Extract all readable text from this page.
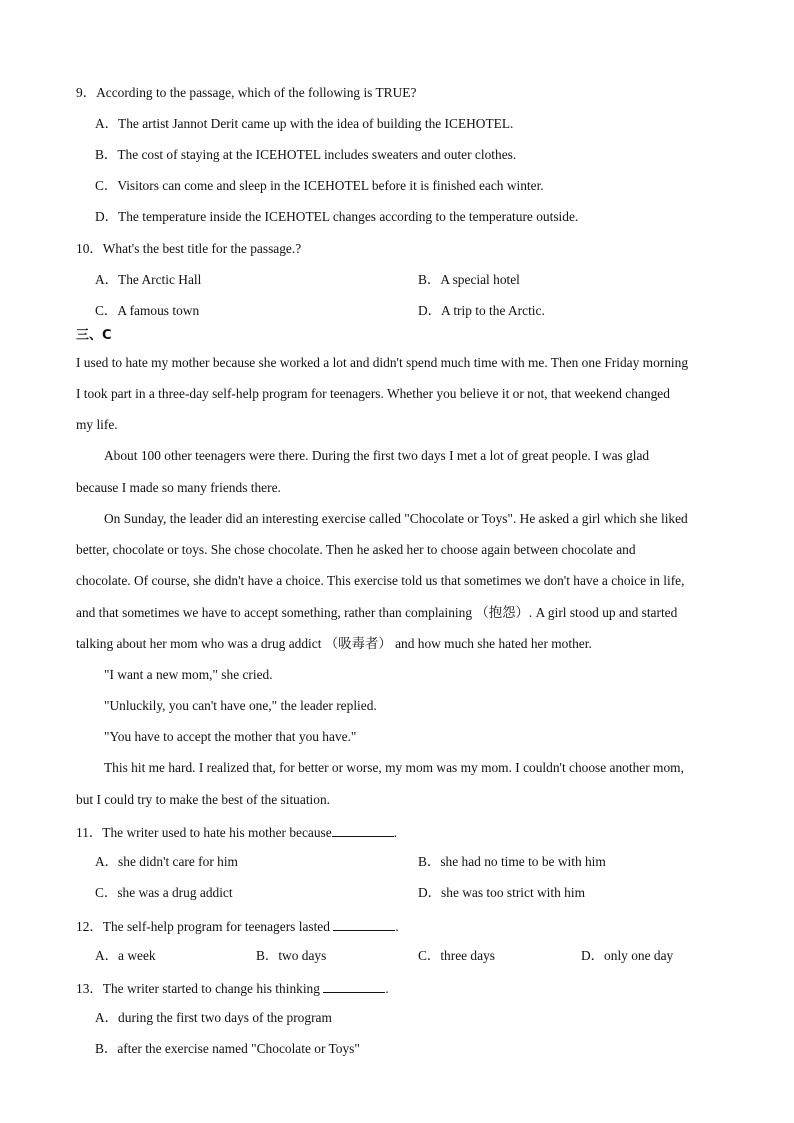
9．According to the passage, which of the following is TRUE?
A．The artist Jannot Derit came up with the idea of building the ICEHOTEL.
B．The cost of staying at the ICEHOTEL includes sweaters and outer clothes.
C．Visitors can come and sleep in the ICEHOTEL before it is finished each winter.
D．The temperature inside the ICEHOTEL changes according to the temperature outside.
10．What's the best title for the passage.?
A．The Arctic Hall	B．A special hotel
C．A famous town	D．A trip to the Arctic.
三、C
I used to hate my mother because she worked a lot and didn't spend much time with me. Then one Friday morning
I took part in a three-day self-help program for teenagers. Whether you believe it or not, that weekend changed
my life.
About 100 other teenagers were there. During the first two days I met a lot of great people. I was glad
because I made so many friends there.
On Sunday, the leader did an interesting exercise called "Chocolate or Toys". He asked a girl which she liked
better, chocolate or toys. She chose chocolate. Then he asked her to choose again between chocolate and
chocolate. Of course, she didn't have a choice. This exercise told us that sometimes we don't have a choice in life,
and that sometimes we have to accept something, rather than complaining （抱怨）. A girl stood up and started
talking about her mom who was a drug addict （吸毒者） and how much she hated her mother.
"I want a new mom," she cried.
"Unluckily, you can't have one," the leader replied.
"You have to accept the mother that you have."
This hit me hard. I realized that, for better or worse, my mom was my mom. I couldn't choose another mom,
but I could try to make the best of the situation.
11．The writer used to hate his mother because	.
A．she didn't care for him	B．she had no time to be with him
C．she was a drug addict	D．she was too strict with him
12．The self-help program for teenagers lasted	.
A．a week	B．two days	C．three days	D．only one day
13．The writer started to change his thinking	.
A．during the first two days of the program
B．after the exercise named "Chocolate or Toys"
